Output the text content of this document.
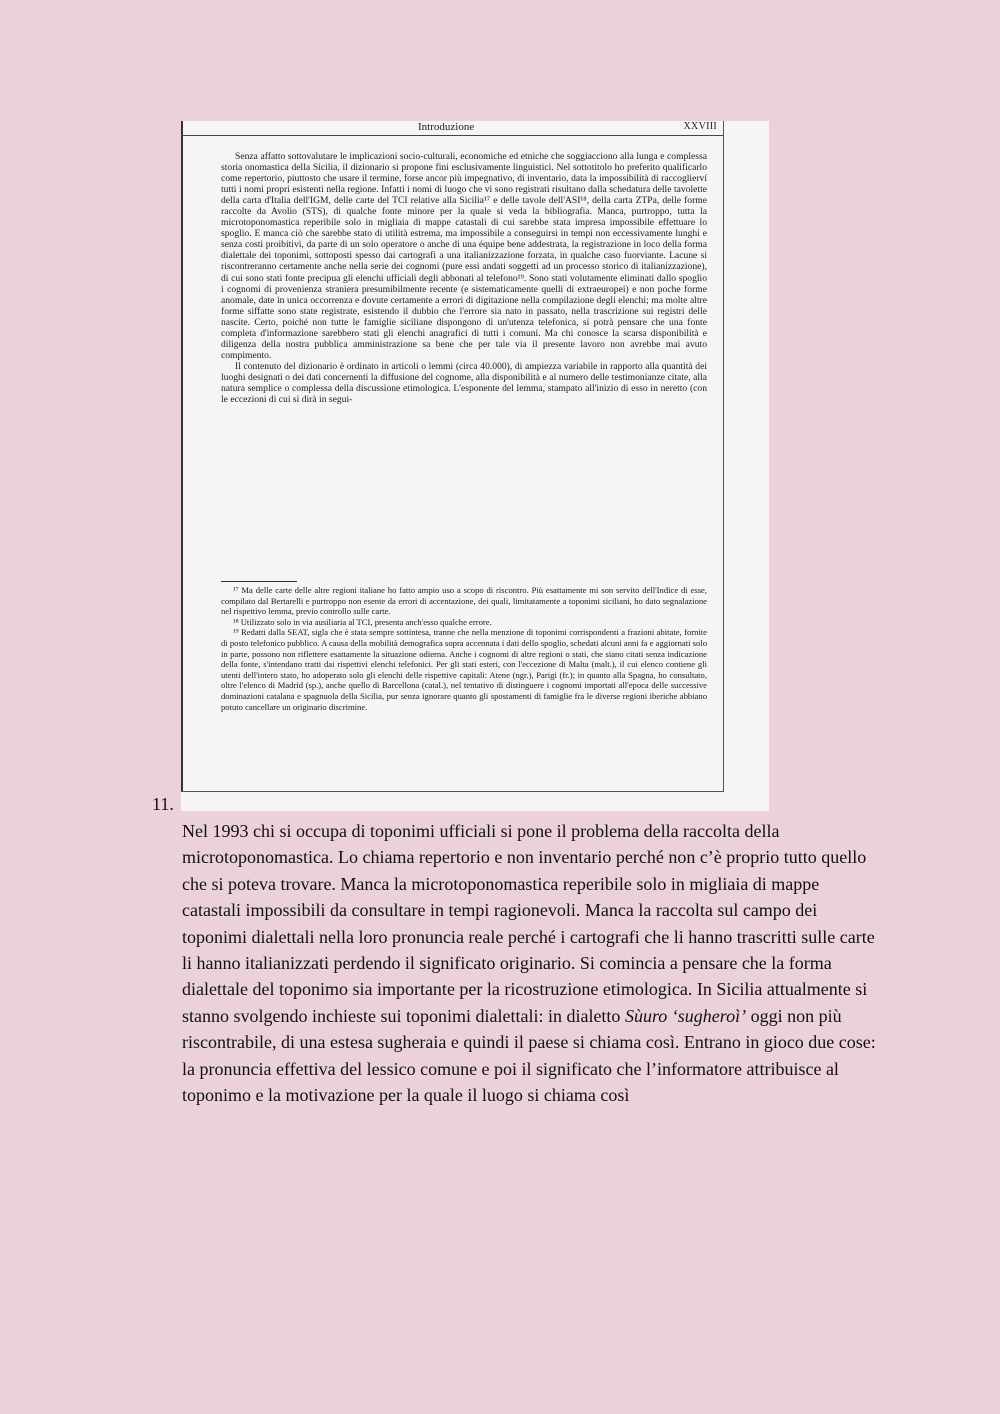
11.
Introduzione	XXVIII

Senza affatto sottovalutare le implicazioni socio-culturali, economiche ed etniche che soggiacciono alla lunga e complessa storia onomastica della Sicilia, il dizionario si propone fini esclusivamente linguistici. Nel sottotitolo ho preferito qualificarlo come repertorio, piuttosto che usare il termine, forse ancor più impegnativo, di inventario, data la impossibilità di raccoglierví tutti i nomi propri esistenti nella regione. Infatti i nomi di luogo che vi sono registrati risultano dalla schedatura delle tavolette della carta d'Italia dell'IGM, delle carte del TCI relative alla Sicilia¹⁷ e delle tavole dell'ASI¹⁸, della carta ZTPa, delle forme raccolte da Avolio (STS), di qualche fonte minore per la quale si veda la bibliografia. Manca, purtroppo, tutta la microtoponomastica reperibile solo in migliaia di mappe catastali di cui sarebbe stata impresa impossibile effettuare lo spoglio. E manca ciò che sarebbe stato di utilità estrema, ma impossibile a conseguirsi in tempi non eccessivamente lunghi e senza costi proibitivi, da parte di un solo operatore o anche di una équipe bene addestrata, la registrazione in loco della forma dialettale dei toponimi, sottoposti spesso dai cartografi a una italianizzazione forzata, in qualche caso fuorviante. Lacune si riscontreranno certamente anche nella serie dei cognomi (pure essi andati soggetti ad un processo storico di italianizzazione), di cui sono stati fonte precipua gli elenchi ufficiali degli abbonati al telefono¹⁹. Sono stati volutamente eliminati dallo spoglio i cognomi di provenienza straniera presumibilmente recente (e sistematicamente quelli di extraeuropei) e non poche forme anomale, date in unica occorrenza e dovute certamente a errori di digitazione nella compilazione degli elenchi; ma molte altre forme siffatte sono state registrate, esistendo il dubbio che l'errore sia nato in passato, nella trascrizione sui registri delle nascite. Certo, poiché non tutte le famiglie siciliane dispongono di un'utenza telefonica, si potrà pensare che una fonte completa d'informazione sarebbero stati gli elenchi anagrafici di tutti i comuni. Ma chi conosce la scarsa disponibilità e diligenza della nostra pubblica amministrazione sa bene che per tale via il presente lavoro non avrebbe mai avuto compimento.

Il contenuto del dizionario è ordinato in articoli o lemmi (circa 40.000), di ampiezza variabile in rapporto alla quantità dei luoghi designati o dei dati concernenti la diffusione del cognome, alla disponibilità e al numero delle testimonianze citate, alla natura semplice o complessa della discussione etimologica. L'esponente del lemma, stampato all'inizio di esso in neretto (con le eccezioni di cui si dirà in segui-

¹⁷ Ma delle carte delle altre regioni italiane ho fatto ampio uso a scopo di riscontro. Più esattamente mi son servito dell'Indice di esse, compilato dal Bertarelli e purtroppo non esente da errori di accentazione, dei quali, limitatamente a toponimi siciliani, ho dato segnalazione nel rispettivo lemma, previo controllo sulle carte.

¹⁸ Utilizzato solo in via ausiliaria al TCI, presenta anch'esso qualche errore.

¹⁹ Redatti dalla SEAT, sigla che è stata sempre sottintesa, tranne che nella menzione di toponimi corrispondenti a frazioni abitate, fornite di posto telefonico pubblico. A causa della mobilità demografica sopra accennata i dati dello spoglio, schedati alcuni anni fa e aggiornati solo in parte, possono non riflettere esattamente la situazione odierna. Anche i cognomi di altre regioni o stati, che siano citati senza indicazione della fonte, s'intendano tratti dai rispettivi elenchi telefonici. Per gli stati esteri, con l'eccezione di Malta (malt.), il cui elenco contiene gli utenti dell'intero stato, ho adoperato solo gli elenchi delle rispettive capitali: Atene (ngr.), Parigi (fr.); in quanto alla Spagna, ho consultato, oltre l'elenco di Madrid (sp.), anche quello di Barcellona (catal.), nel tentativo di distinguere i cognomi importati all'epoca delle successive dominazioni catalana e spagnuola della Sicilia, pur senza ignorare quanto gli spostamenti di famiglie fra le diverse regioni iberiche abbiano potuto cancellare un originario discrimine.

Nel 1993 chi si occupa di toponimi ufficiali si pone il problema della raccolta della microtoponomastica. Lo chiama repertorio e non inventario perché non c’è proprio tutto quello che si poteva trovare. Manca la microtoponomastica reperibile solo in migliaia di mappe catastali impossibili da consultare in tempi ragionevoli. Manca la raccolta sul campo dei toponimi dialettali nella loro pronuncia reale perché i cartografi che li hanno trascritti sulle carte li hanno italianizzati perdendo il significato originario. Si comincia a pensare che la forma dialettale del toponimo sia importante per la ricostruzione etimologica. In Sicilia attualmente si stanno svolgendo inchieste sui toponimi dialettali: in dialetto Sùuro ‘sugheroì’ oggi non più riscontrabile, di una estesa sugheraia e quindi il paese si chiama così. Entrano in gioco due cose: la pronuncia effettiva del lessico comune e poi il significato che l’informatore attribuisce al toponimo e la motivazione per la quale il luogo si chiama così
